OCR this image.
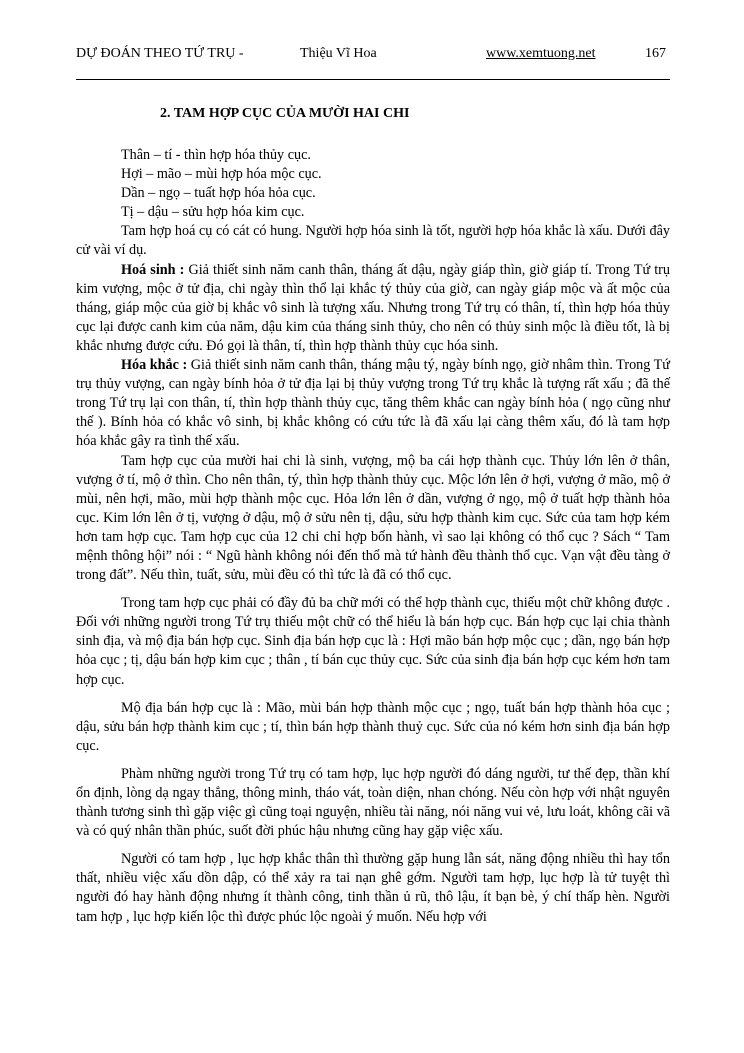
DỰ ĐOÁN THEO TỨ TRỤ -	Thiệu Vĩ Hoa	www.xemtuong.net	167
2. TAM HỢP CỤC CỦA MƯỜI HAI CHI

Thân – tí - thìn hợp hóa thủy cục.

Hợi – mão – mùi hợp hóa mộc cục.

Dần – ngọ – tuất hợp hóa hỏa cục.

Tị – dậu – sửu hợp hóa kim cục.

Tam hợp hoá cụ có cát có hung. Người hợp hóa sinh là tốt, người hợp hóa khắc là xấu. Dưới đây cử vài ví dụ.

Hoá sinh : Giả thiết sinh năm canh thân, tháng ất dậu, ngày giáp thìn, giờ giáp tí. Trong Tứ trụ kim vượng, mộc ở tử địa, chi ngày thìn thổ lại khắc tý thủy của giờ, can ngày giáp mộc và ất mộc của tháng, giáp mộc của giờ bị khắc vô sinh là tượng xấu. Nhưng trong Tứ trụ có thân, tí, thìn hợp hóa thủy cục lại được canh kim của năm, dậu kim của tháng sinh thủy, cho nên có thủy sinh mộc là điều tốt, là bị khắc nhưng được cứu. Đó gọi là thân, tí, thìn hợp thành thủy cục hóa sinh.

Hóa khắc : Giả thiết sinh năm canh thân, tháng mậu tý, ngày bính ngọ, giờ nhâm thìn. Trong Tứ trụ thủy vượng, can ngày bính hỏa ở tử địa lại bị thủy vượng trong Tứ trụ khắc là tượng rất xấu ; đã thế trong Tứ trụ lại con thân, tí, thìn hợp thành thủy cục, tăng thêm khắc can ngày bính hỏa ( ngọ cũng như thế ). Bính hỏa có khắc vô sinh, bị khắc không có cứu tức là đã xấu lại càng thêm xấu, đó là tam hợp hóa khắc gây ra tình thế xấu.

Tam hợp cục của mười hai chi là sinh, vượng, mộ ba cái hợp thành cục. Thủy lớn lên ở thân, vượng ở tí, mộ ở thìn. Cho nên thân, tý, thìn hợp thành thủy cục. Mộc lớn lên ở hợi, vượng ở mão, mộ ở mùi, nên hợi, mão, mùi hợp thành mộc cục. Hỏa lớn lên ở dần, vượng ở ngọ, mộ ở tuất hợp thành hỏa cục. Kim lớn lên ở tị, vượng ở dậu, mộ ở sửu nên tị, dậu, sửu hợp thành kim cục. Sức của tam hợp kém hơn tam hợp cục. Tam hợp cục của 12 chi chỉ hợp bốn hành, vì sao lại không có thổ cục ? Sách “ Tam mệnh thông hội” nói : “ Ngũ hành không nói đến thổ mà tứ hành đều thành thổ cục. Vạn vật đều tàng ở trong đất”. Nếu thìn, tuất, sửu, mùi đều có thì tức là đã có thổ cục.

Trong tam hợp cục phải có đầy đủ ba chữ mới có thể hợp thành cục, thiếu một chữ không được . Đối với những người trong Tứ trụ thiếu một chữ có thể hiểu là bán hợp cục. Bán hợp cục lại chia thành sinh địa, và mộ địa bán hợp cục. Sinh địa bán hợp cục là : Hợi mão bán hợp mộc cục ; dần, ngọ bán hợp hỏa cục ; tị, dậu bán hợp kim cục ; thân , tí bán cục thủy cục. Sức của sinh địa bán hợp cục kém hơn tam hợp cục.

Mộ địa bán hợp cục là : Mão, mùi bán hợp thành mộc cục ; ngọ, tuất bán hợp thành hỏa cục ; dậu, sửu bán hợp thành kim cục ; tí, thìn bán hợp thành thuỷ cục. Sức của nó kém hơn sinh địa bán hợp cục.

Phàm những người trong Tứ trụ có tam hợp, lục hợp người đó dáng người, tư thế đẹp, thần khí ổn định, lòng dạ ngay thẳng, thông minh, tháo vát, toàn diện, nhan chóng. Nếu còn hợp với nhật nguyên thành tương sinh thì gặp việc gì cũng toại nguyện, nhiều tài năng, nói năng vui vẻ, lưu loát, không cãi vã và có quý nhân thần phúc, suốt đời phúc hậu nhưng cũng hay gặp việc xấu.

Người có tam hợp , lục hợp khắc thân thì thường gặp hung lẫn sát, năng động nhiều thì hay tổn thất, nhiều việc xấu dồn dập, có thể xảy ra tai nạn ghê gớm. Người tam hợp, lục hợp là tử tuyệt thì người đó hay hành động nhưng ít thành công, tinh thần ủ rũ, thô lậu, ít bạn bè, ý chí thấp hèn. Người tam hợp , lục hợp kiến lộc thì được phúc lộc ngoài ý muốn. Nếu hợp với
